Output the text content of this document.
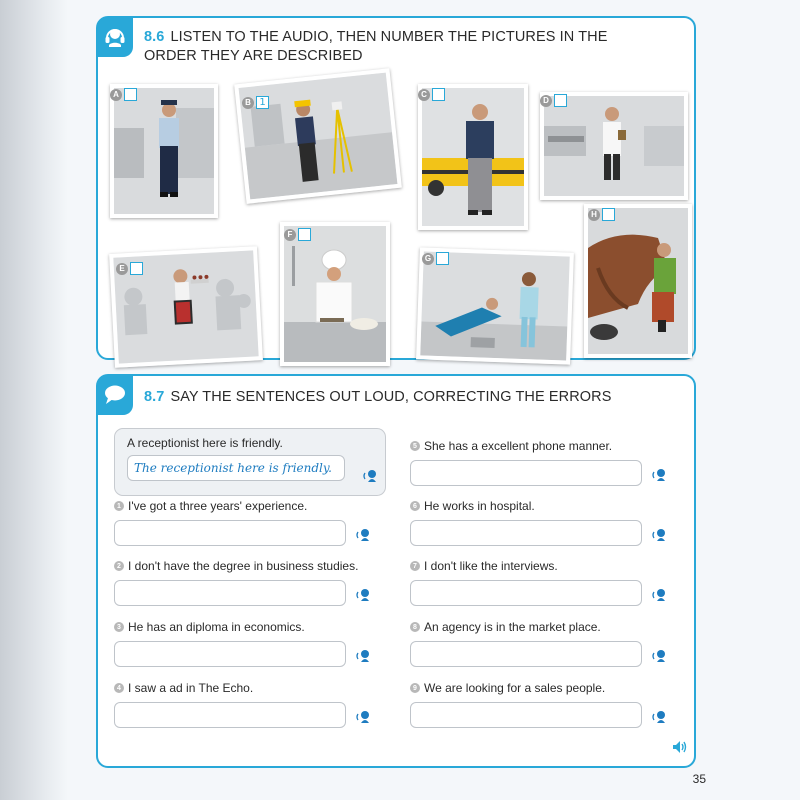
8.6 LISTEN TO THE AUDIO, THEN NUMBER THE PICTURES IN THE ORDER THEY ARE DESCRIBED
A
B 1
C
D
E
F
G
H
8.7 SAY THE SENTENCES OUT LOUD, CORRECTING THE ERRORS
A receptionist here is friendly.
The receptionist here is friendly.
1 I've got a three years' experience.
2 I don't have the degree in business studies.
3 He has an diploma in economics.
4 I saw a ad in The Echo.
5 She has a excellent phone manner.
6 He works in hospital.
7 I don't like the interviews.
8 An agency is in the market place.
9 We are looking for a sales people.
35
